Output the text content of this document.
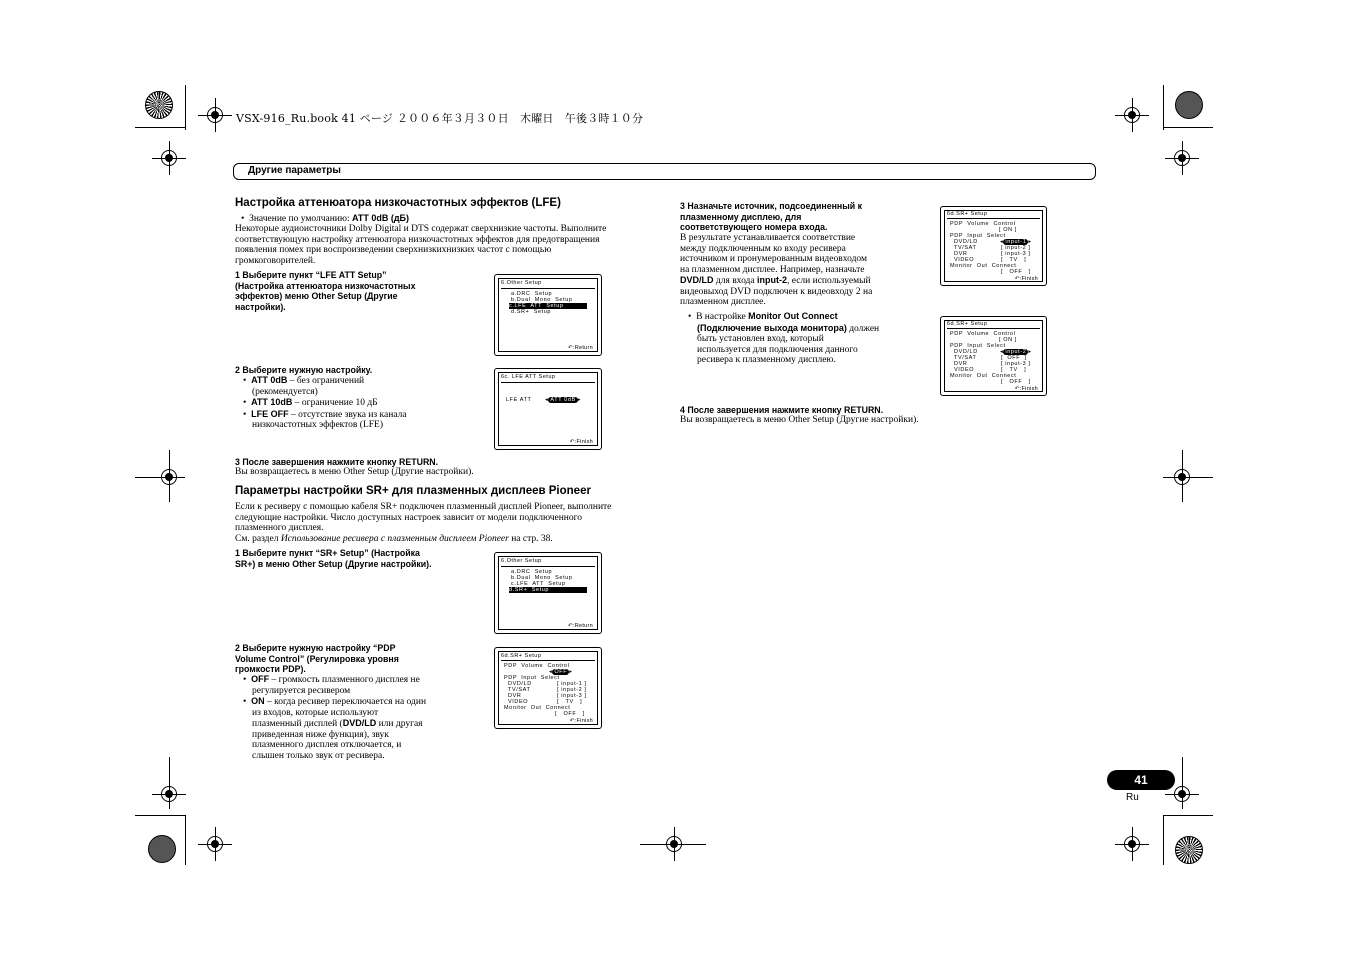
VSX-916_Ru.book 41 ページ ２００６年３月３０日　木曜日　午後３時１０分
Другие параметры
Настройка аттенюатора низкочастотных эффектов (LFE)
•  Значение по умолчанию: ATT 0dB (дБ)
Некоторые аудиоисточники Dolby Digital и DTS содержат сверхнизкие частоты. Выполните
соответствующую настройку аттенюатора низкочастотных эффектов для предотвращения
появления помех при воспроизведении сверхнизкихнизких частот с помощью
громкоговорителей.
1 Выберите пункт “LFE ATT Setup”
(Настройка аттенюатора низкочастотных
эффектов) меню Other Setup (Другие
настройки).
2 Выберите нужную настройку.
•  ATT 0dB – без ограничений
(рекомендуется)
•  ATT 10dB – ограничение 10 дБ
•  LFE OFF – отсутствие звука из канала
низкочастотных эффектов (LFE)
3 После завершения нажмите кнопку RETURN.
Вы возвращаетесь в меню Other Setup (Другие настройки).
6.Other Setup
a.DRC  Setup
b.Dual  Mono  Setup
c.LFE  ATT  Setup
d.SR+  Setup
↶:Return
6c. LFE ATT Setup
LFE ATT ◂ ATT 0dB ▸
↶:Finish
Параметры настройки SR+ для плазменных дисплеев Pioneer
Если к ресиверу с помощью кабеля SR+ подключен плазменный дисплей Pioneer, выполните
следующие настройки. Число доступных настроек зависит от модели подключенного
плазменного дисплея.
См. раздел Использование ресивера с плазменным дисплеем Pioneer на стр. 38.
1 Выберите пункт “SR+ Setup” (Настройка
SR+) в меню Other Setup (Другие настройки).
2 Выберите нужную настройку “PDP
Volume Control” (Регулировка уровня
громкости PDP).
•  OFF – громкость плазменного дисплея не
регулируется ресивером
•  ON – когда ресивер переключается на один
из входов, которые используют
плазменный дисплей (DVD/LD или другая
приведенная ниже функция), звук
плазменного дисплея отключается, и
слышен только звук от ресивера.
6.Other Setup
a.DRC  Setup
b.Dual  Mono  Setup
c.LFE  ATT  Setup
d.SR+  Setup
↶:Return
6d.SR+ Setup
PDP  Volume  Control
◂ OFF ▸
PDP  Input  Select
DVD/LD	[ input-1 ]
TV/SAT	[ input-2 ]
DVR	[ input-3 ]
VIDEO	[   TV   ]
Monitor  Out  Connect
[   OFF   ]
↶:Finish
3 Назначьте источник, подсоединенный к
плазменному дисплею, для
соответствующего номера входа.
В результате устанавливается соответствие
между подключенным ко входу ресивера
источником и пронумерованным видеовходом
на плазменном дисплее. Например, назначьте
DVD/LD для входа input-2, если используемый
видеовыход DVD подключен к видеовходу 2 на
плазменном дисплее.
•  В настройке Monitor Out Connect
(Подключение выхода монитора) должен
быть установлен вход, который
используется для подключения данного
ресивера к плазменному дисплею.
4 После завершения нажмите кнопку RETURN.
Вы возвращаетесь в меню Other Setup (Другие настройки).
6d.SR+ Setup
PDP  Volume  Control
[ ON ]
PDP  Input  Select
DVD/LD	◂ input-1 ▸
TV/SAT	[ input-2 ]
DVR	[ input-3 ]
VIDEO	[   TV   ]
Monitor  Out  Connect
[   OFF   ]
↶:Finish
6d.SR+ Setup
PDP  Volume  Control
[ ON ]
PDP  Input  Select
DVD/LD	◂ input-2 ▸
TV/SAT	[  OFF  ]
DVR	[ input-3 ]
VIDEO	[   TV   ]
Monitor  Out  Connect
[   OFF   ]
↶:Finish
41
Ru
